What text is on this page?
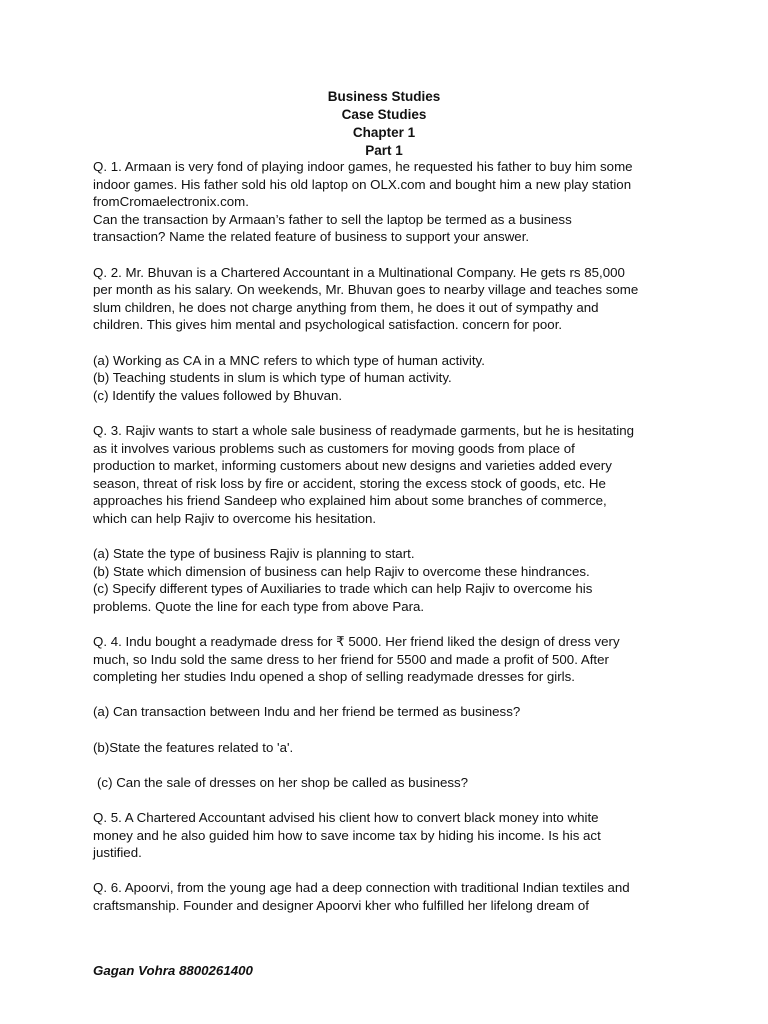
Business Studies
Case Studies
Chapter 1
Part 1
Q. 1. Armaan is very fond of playing indoor games, he requested his father to buy him some
indoor games. His father sold his old laptop on OLX.com and bought him a new play station
fromCromaelectronix.com.
Can the transaction by Armaan’s father to sell the laptop be termed as a business
transaction? Name the related feature of business to support your answer.
Q. 2. Mr. Bhuvan is a Chartered Accountant in a Multinational Company. He gets rs 85,000
per month as his salary. On weekends, Mr. Bhuvan goes to nearby village and teaches some
slum children, he does not charge anything from them, he does it out of sympathy and
children. This gives him mental and psychological satisfaction. concern for poor.
(a) Working as CA in a MNC refers to which type of human activity.
(b) Teaching students in slum is which type of human activity.
(c) Identify the values followed by Bhuvan.
Q. 3. Rajiv wants to start a whole sale business of readymade garments, but he is hesitating
as it involves various problems such as customers for moving goods from place of
production to market, informing customers about new designs and varieties added every
season, threat of risk loss by fire or accident, storing the excess stock of goods, etc. He
approaches his friend Sandeep who explained him about some branches of commerce,
which can help Rajiv to overcome his hesitation.
(a) State the type of business Rajiv is planning to start.
(b) State which dimension of business can help Rajiv to overcome these hindrances.
(c) Specify different types of Auxiliaries to trade which can help Rajiv to overcome his
problems. Quote the line for each type from above Para.
Q. 4. Indu bought a readymade dress for ₹ 5000. Her friend liked the design of dress very
much, so Indu sold the same dress to her friend for 5500 and made a profit of 500. After
completing her studies Indu opened a shop of selling readymade dresses for girls.
(a) Can transaction between Indu and her friend be termed as business?
(b)State the features related to 'a'.
(c) Can the sale of dresses on her shop be called as business?
Q. 5. A Chartered Accountant advised his client how to convert black money into white
money and he also guided him how to save income tax by hiding his income. Is his act
justified.
Q. 6. Apoorvi, from the young age had a deep connection with traditional Indian textiles and
craftsmanship. Founder and designer Apoorvi kher who fulfilled her lifelong dream of
Gagan Vohra 8800261400
